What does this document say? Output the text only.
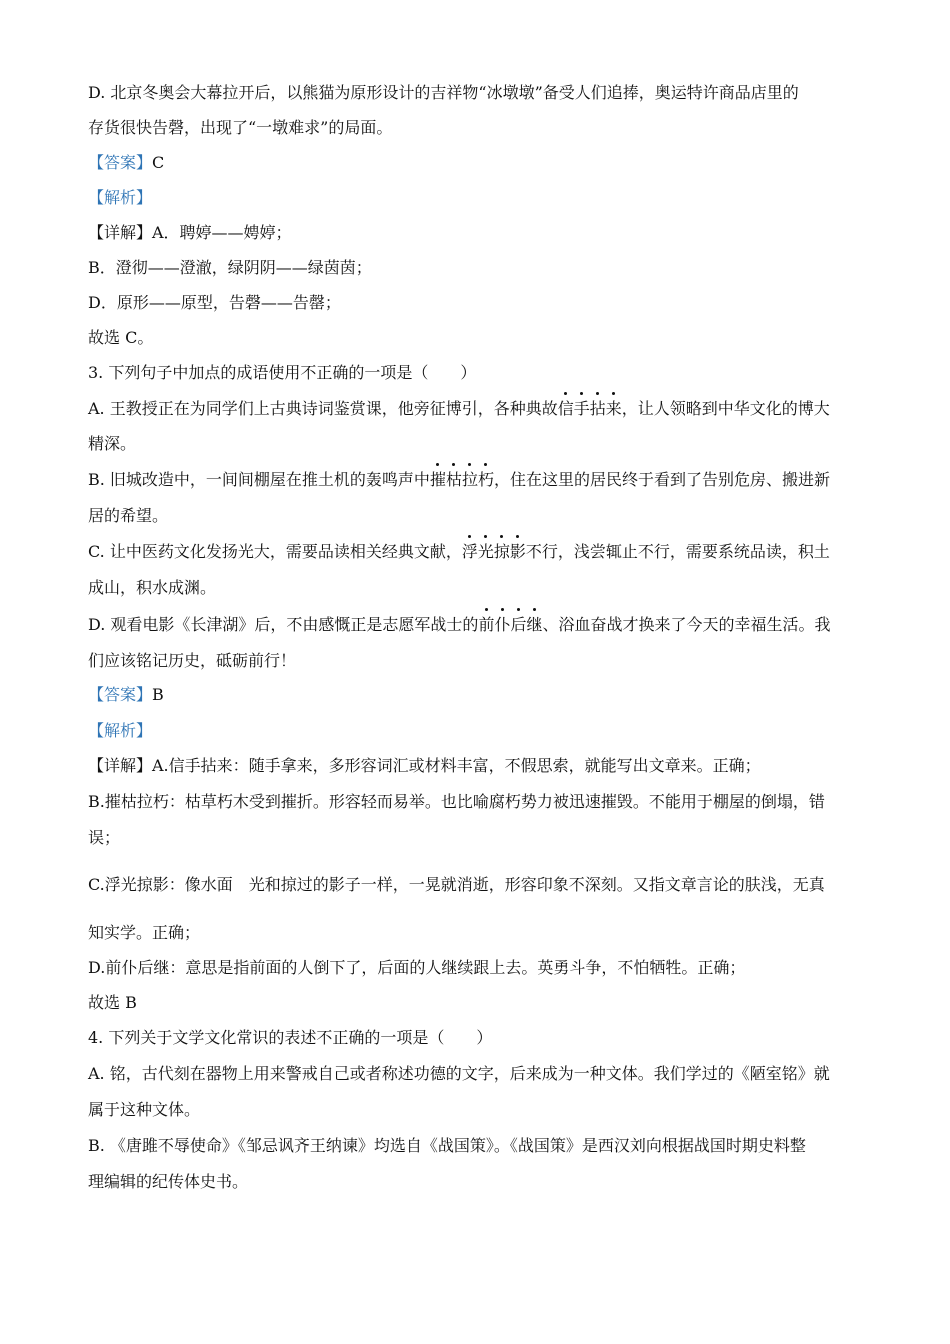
D. 北京冬奥会大幕拉开后，以熊猫为原形设计的吉祥物“冰墩墩”备受人们追捧，奥运特许商品店里的
存货很快告磬，出现了“一墩难求”的局面。
【答案】C
【解析】
【详解】A．聘婷——娉婷；
B．澄彻——澄澈，绿阴阴——绿茵茵；
D．原形——原型，告磬——告罄；
故选 C。
3. 下列句子中加点的成语使用不正确的一项是（　　）
A. 王教授正在为同学们上古典诗词鉴赏课，他旁征博引，各种典故信手拈来，让人领略到中华文化的博大
精深。
B. 旧城改造中，一间间棚屋在推土机的轰鸣声中摧枯拉朽，住在这里的居民终于看到了告别危房、搬进新
居的希望。
C. 让中医药文化发扬光大，需要品读相关经典文献，浮光掠影不行，浅尝辄止不行，需要系统品读，积土
成山，积水成渊。
D. 观看电影《长津湖》后，不由感慨正是志愿军战士的前仆后继、浴血奋战才换来了今天的幸福生活。我
们应该铭记历史，砥砺前行！
【答案】B
【解析】
【详解】A.信手拈来：随手拿来，多形容词汇或材料丰富，不假思索，就能写出文章来。正确；
B.摧枯拉朽：枯草朽木受到摧折。形容轻而易举。也比喻腐朽势力被迅速摧毁。不能用于棚屋的倒塌，错
误；
C.浮光掠影：像水面　光和掠过的影子一样，一晃就消逝，形容印象不深刻。又指文章言论的肤浅，无真
知实学。正确；
D.前仆后继：意思是指前面的人倒下了，后面的人继续跟上去。英勇斗争，不怕牺牲。正确；
故选 B
4. 下列关于文学文化常识的表述不正确的一项是（　　）
A. 铭，古代刻在器物上用来警戒自己或者称述功德的文字，后来成为一种文体。我们学过的《陋室铭》就
属于这种文体。
B. 《唐雎不辱使命》《邹忌讽齐王纳谏》均选自《战国策》。《战国策》是西汉刘向根据战国时期史料整
理编辑的纪传体史书。
